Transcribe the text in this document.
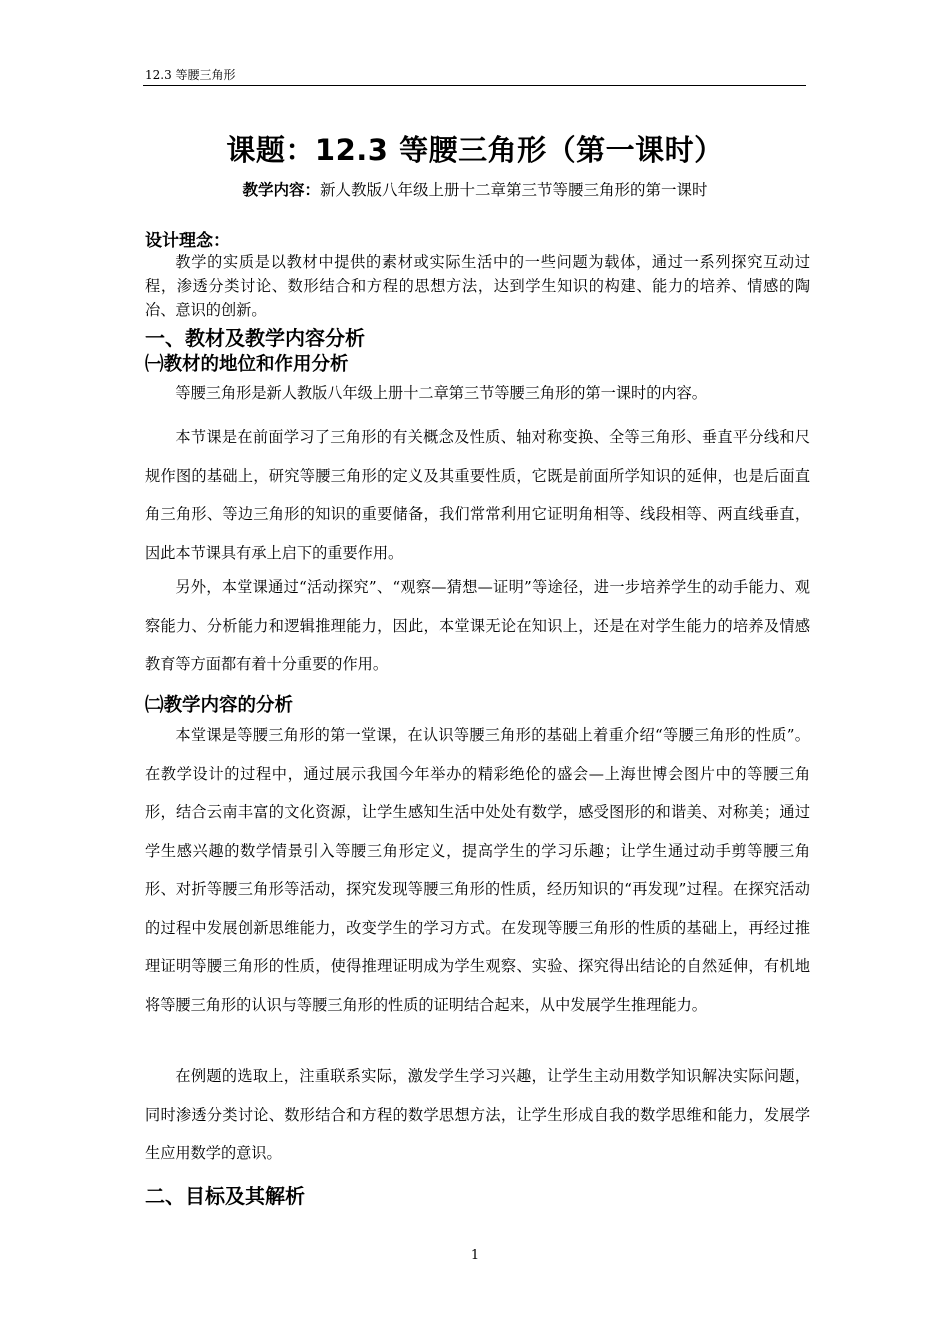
12.3 等腰三角形
课题：12.3 等腰三角形（第一课时）
教学内容：新人教版八年级上册十二章第三节等腰三角形的第一课时
设计理念：
教学的实质是以教材中提供的素材或实际生活中的一些问题为载体，通过一系列探究互动过程，渗透分类讨论、数形结合和方程的思想方法，达到学生知识的构建、能力的培养、情感的陶冶、意识的创新。
一、教材及教学内容分析
㈠教材的地位和作用分析
等腰三角形是新人教版八年级上册十二章第三节等腰三角形的第一课时的内容。
本节课是在前面学习了三角形的有关概念及性质、轴对称变换、全等三角形、垂直平分线和尺规作图的基础上，研究等腰三角形的定义及其重要性质，它既是前面所学知识的延伸，也是后面直角三角形、等边三角形的知识的重要储备，我们常常利用它证明角相等、线段相等、两直线垂直，因此本节课具有承上启下的重要作用。
另外，本堂课通过“活动探究”、“观察—猜想—证明”等途径，进一步培养学生的动手能力、观察能力、分析能力和逻辑推理能力，因此，本堂课无论在知识上，还是在对学生能力的培养及情感教育等方面都有着十分重要的作用。
㈡教学内容的分析
本堂课是等腰三角形的第一堂课，在认识等腰三角形的基础上着重介绍“等腰三角形的性质”。在教学设计的过程中，通过展示我国今年举办的精彩绝伦的盛会—上海世博会图片中的等腰三角形，结合云南丰富的文化资源，让学生感知生活中处处有数学，感受图形的和谐美、对称美；通过学生感兴趣的数学情景引入等腰三角形定义，提高学生的学习乐趣；让学生通过动手剪等腰三角形、对折等腰三角形等活动，探究发现等腰三角形的性质，经历知识的“再发现”过程。在探究活动的过程中发展创新思维能力，改变学生的学习方式。在发现等腰三角形的性质的基础上，再经过推理证明等腰三角形的性质，使得推理证明成为学生观察、实验、探究得出结论的自然延伸，有机地将等腰三角形的认识与等腰三角形的性质的证明结合起来，从中发展学生推理能力。
在例题的选取上，注重联系实际，激发学生学习兴趣，让学生主动用数学知识解决实际问题，同时渗透分类讨论、数形结合和方程的数学思想方法，让学生形成自我的数学思维和能力，发展学生应用数学的意识。
二、目标及其解析
1
